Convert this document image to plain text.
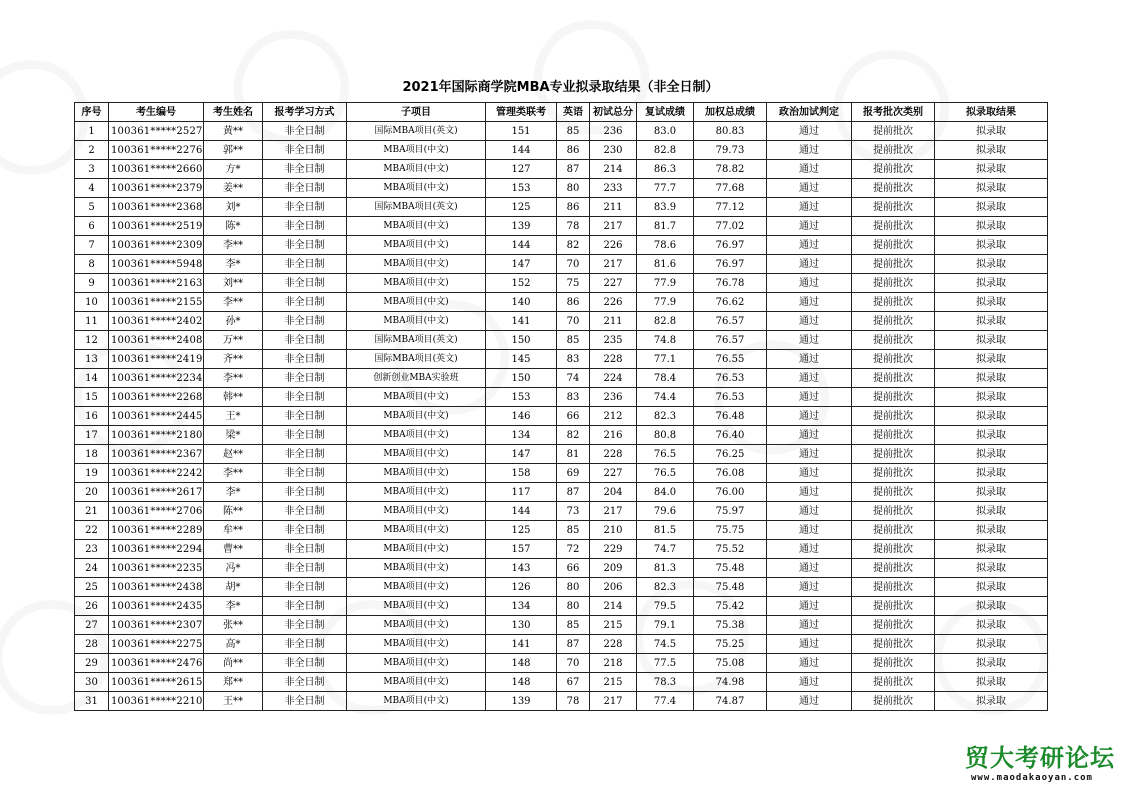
2021年国际商学院MBA专业拟录取结果（非全日制）
序号	考生编号	考生姓名	报考学习方式	子项目	管理类联考	英语	初试总分	复试成绩	加权总成绩	政治加试判定	报考批次类别	拟录取结果
1	100361*****2527	黄**	非全日制	国际MBA项目(英文)	151	85	236	83.0	80.83	通过	提前批次	拟录取
2	100361*****2276	郭**	非全日制	MBA项目(中文)	144	86	230	82.8	79.73	通过	提前批次	拟录取
3	100361*****2660	方*	非全日制	MBA项目(中文)	127	87	214	86.3	78.82	通过	提前批次	拟录取
4	100361*****2379	姜**	非全日制	MBA项目(中文)	153	80	233	77.7	77.68	通过	提前批次	拟录取
5	100361*****2368	刘*	非全日制	国际MBA项目(英文)	125	86	211	83.9	77.12	通过	提前批次	拟录取
6	100361*****2519	陈*	非全日制	MBA项目(中文)	139	78	217	81.7	77.02	通过	提前批次	拟录取
7	100361*****2309	李**	非全日制	MBA项目(中文)	144	82	226	78.6	76.97	通过	提前批次	拟录取
8	100361*****5948	李*	非全日制	MBA项目(中文)	147	70	217	81.6	76.97	通过	提前批次	拟录取
9	100361*****2163	刘**	非全日制	MBA项目(中文)	152	75	227	77.9	76.78	通过	提前批次	拟录取
10	100361*****2155	李**	非全日制	MBA项目(中文)	140	86	226	77.9	76.62	通过	提前批次	拟录取
11	100361*****2402	孙*	非全日制	MBA项目(中文)	141	70	211	82.8	76.57	通过	提前批次	拟录取
12	100361*****2408	万**	非全日制	国际MBA项目(英文)	150	85	235	74.8	76.57	通过	提前批次	拟录取
13	100361*****2419	齐**	非全日制	国际MBA项目(英文)	145	83	228	77.1	76.55	通过	提前批次	拟录取
14	100361*****2234	李**	非全日制	创新创业MBA实验班	150	74	224	78.4	76.53	通过	提前批次	拟录取
15	100361*****2268	韩**	非全日制	MBA项目(中文)	153	83	236	74.4	76.53	通过	提前批次	拟录取
16	100361*****2445	王*	非全日制	MBA项目(中文)	146	66	212	82.3	76.48	通过	提前批次	拟录取
17	100361*****2180	梁*	非全日制	MBA项目(中文)	134	82	216	80.8	76.40	通过	提前批次	拟录取
18	100361*****2367	赵**	非全日制	MBA项目(中文)	147	81	228	76.5	76.25	通过	提前批次	拟录取
19	100361*****2242	李**	非全日制	MBA项目(中文)	158	69	227	76.5	76.08	通过	提前批次	拟录取
20	100361*****2617	李*	非全日制	MBA项目(中文)	117	87	204	84.0	76.00	通过	提前批次	拟录取
21	100361*****2706	陈**	非全日制	MBA项目(中文)	144	73	217	79.6	75.97	通过	提前批次	拟录取
22	100361*****2289	牟**	非全日制	MBA项目(中文)	125	85	210	81.5	75.75	通过	提前批次	拟录取
23	100361*****2294	曹**	非全日制	MBA项目(中文)	157	72	229	74.7	75.52	通过	提前批次	拟录取
24	100361*****2235	冯*	非全日制	MBA项目(中文)	143	66	209	81.3	75.48	通过	提前批次	拟录取
25	100361*****2438	胡*	非全日制	MBA项目(中文)	126	80	206	82.3	75.48	通过	提前批次	拟录取
26	100361*****2435	李*	非全日制	MBA项目(中文)	134	80	214	79.5	75.42	通过	提前批次	拟录取
27	100361*****2307	张**	非全日制	MBA项目(中文)	130	85	215	79.1	75.38	通过	提前批次	拟录取
28	100361*****2275	高*	非全日制	MBA项目(中文)	141	87	228	74.5	75.25	通过	提前批次	拟录取
29	100361*****2476	尚**	非全日制	MBA项目(中文)	148	70	218	77.5	75.08	通过	提前批次	拟录取
30	100361*****2615	郑**	非全日制	MBA项目(中文)	148	67	215	78.3	74.98	通过	提前批次	拟录取
31	100361*****2210	王**	非全日制	MBA项目(中文)	139	78	217	77.4	74.87	通过	提前批次	拟录取
贸大考研论坛
www.maodakaoyan.com
